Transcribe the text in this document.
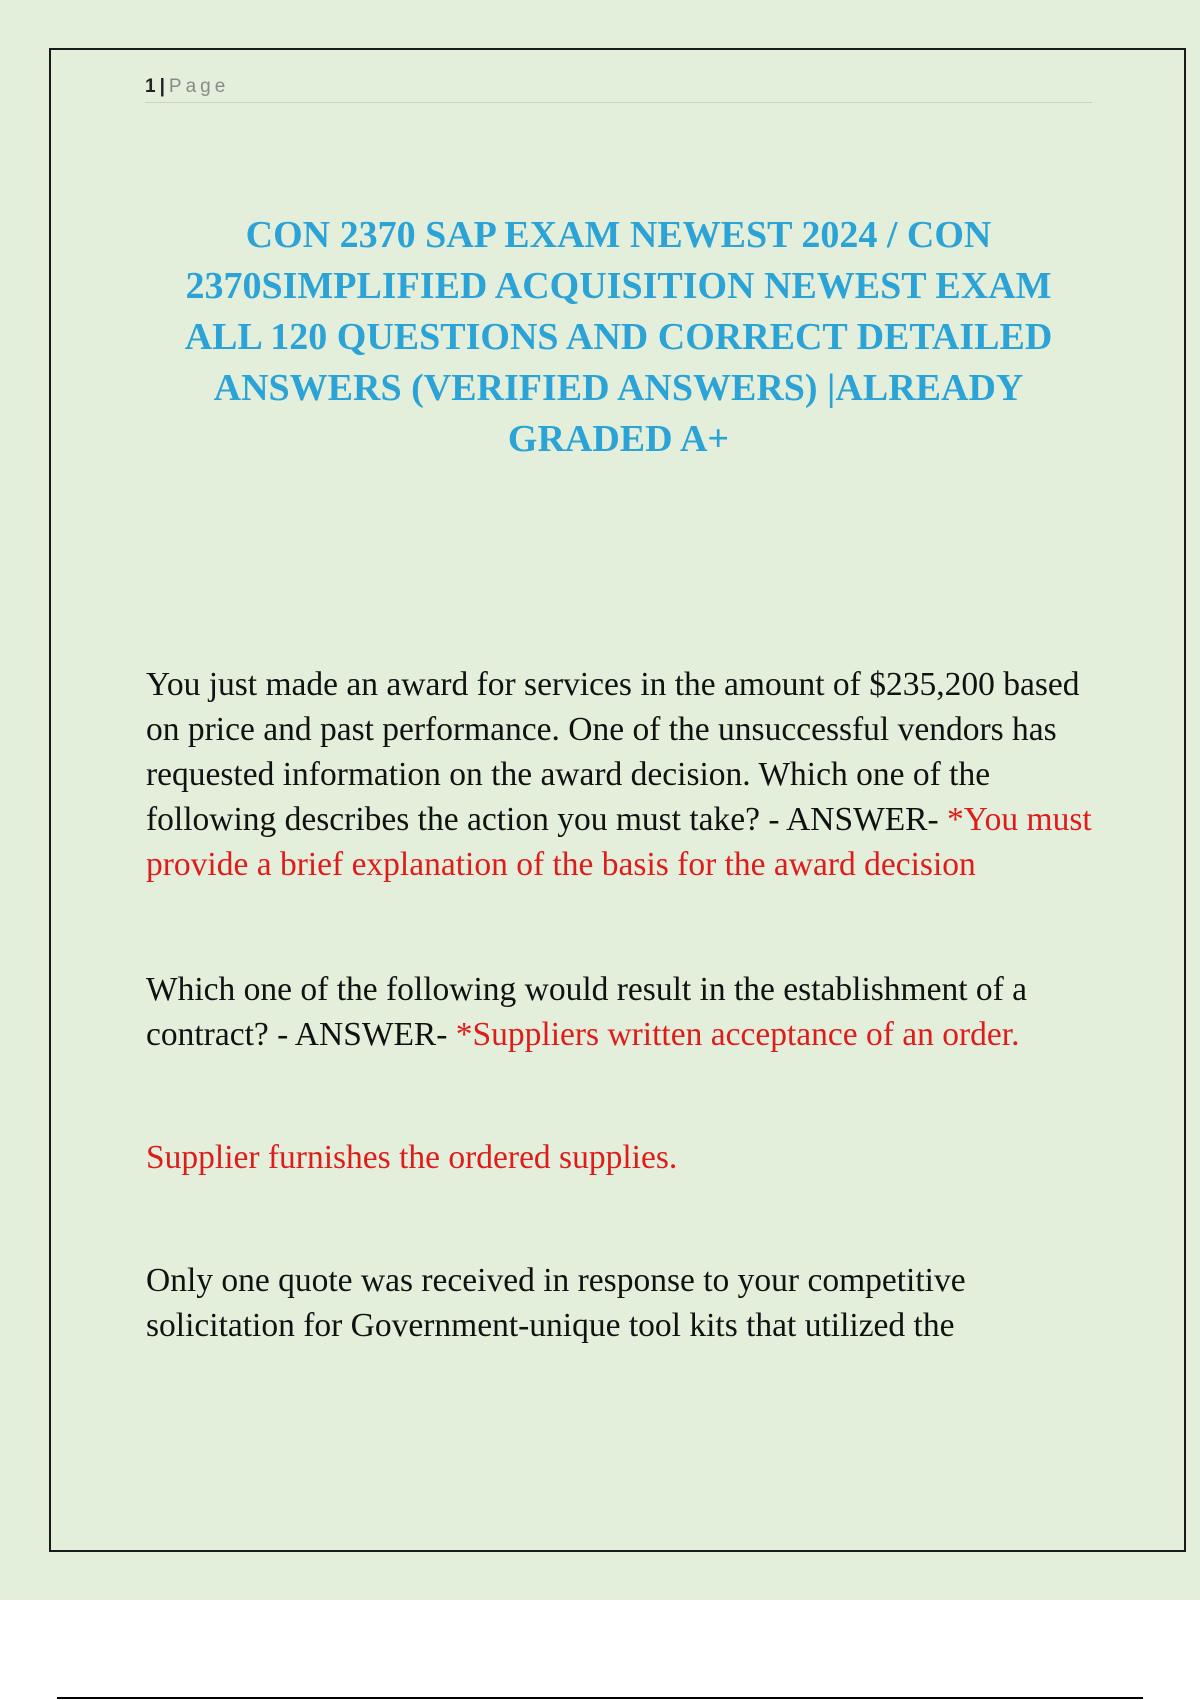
1 | Page
CON 2370 SAP EXAM NEWEST 2024 / CON 2370SIMPLIFIED ACQUISITION NEWEST EXAM ALL 120 QUESTIONS AND CORRECT DETAILED ANSWERS (VERIFIED ANSWERS) |ALREADY GRADED A+

You just made an award for services in the amount of $235,200 based on price and past performance. One of the unsuccessful vendors has requested information on the award decision. Which one of the following describes the action you must take? - ANSWER- *You must provide a brief explanation of the basis for the award decision

Which one of the following would result in the establishment of a contract? - ANSWER- *Suppliers written acceptance of an order.

Supplier furnishes the ordered supplies.

Only one quote was received in response to your competitive solicitation for Government-unique tool kits that utilized the
